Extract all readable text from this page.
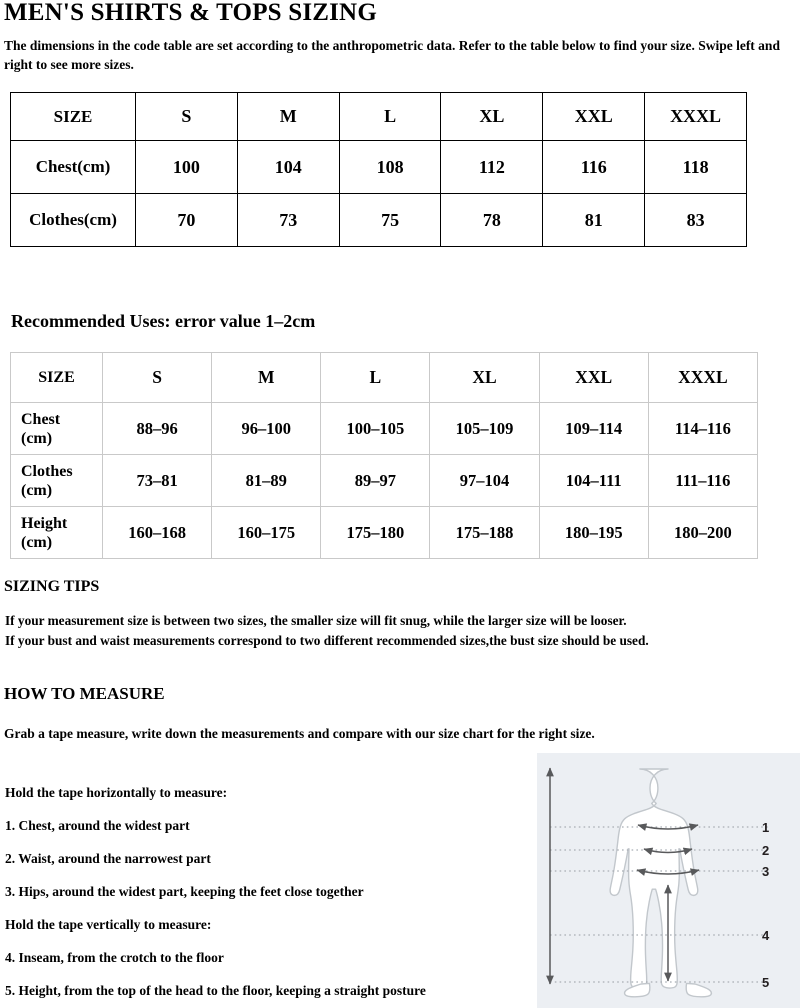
MEN'S SHIRTS & TOPS SIZING
The dimensions in the code table are set according to the anthropometric data. Refer to the table below to find your size. Swipe left and right to see more sizes.
SIZE	S	M	L	XL	XXL	XXXL
Chest(cm)	100	104	108	112	116	118
Clothes(cm)	70	73	75	78	81	83
Recommended Uses: error value 1–2cm
SIZE	S	M	L	XL	XXL	XXXL
Chest
(cm)	88–96	96–100	100–105	105–109	109–114	114–116
Clothes
(cm)	73–81	81–89	89–97	97–104	104–111	111–116
Height
(cm)	160–168	160–175	175–180	175–188	180–195	180–200
SIZING TIPS
If your measurement size is between two sizes, the smaller size will fit snug, while the larger size will be looser.
If your bust and waist measurements correspond to two different recommended sizes,the bust size should be used.
HOW TO MEASURE
Grab a tape measure, write down the measurements and compare with our size chart for the right size.
Hold the tape horizontally to measure:
1. Chest, around the widest part
2. Waist, around the narrowest part
3. Hips, around the widest part, keeping the feet close together
Hold the tape vertically to measure:
4. Inseam, from the crotch to the floor
5. Height, from the top of the head to the floor, keeping a straight posture
1
2
3
4
5
